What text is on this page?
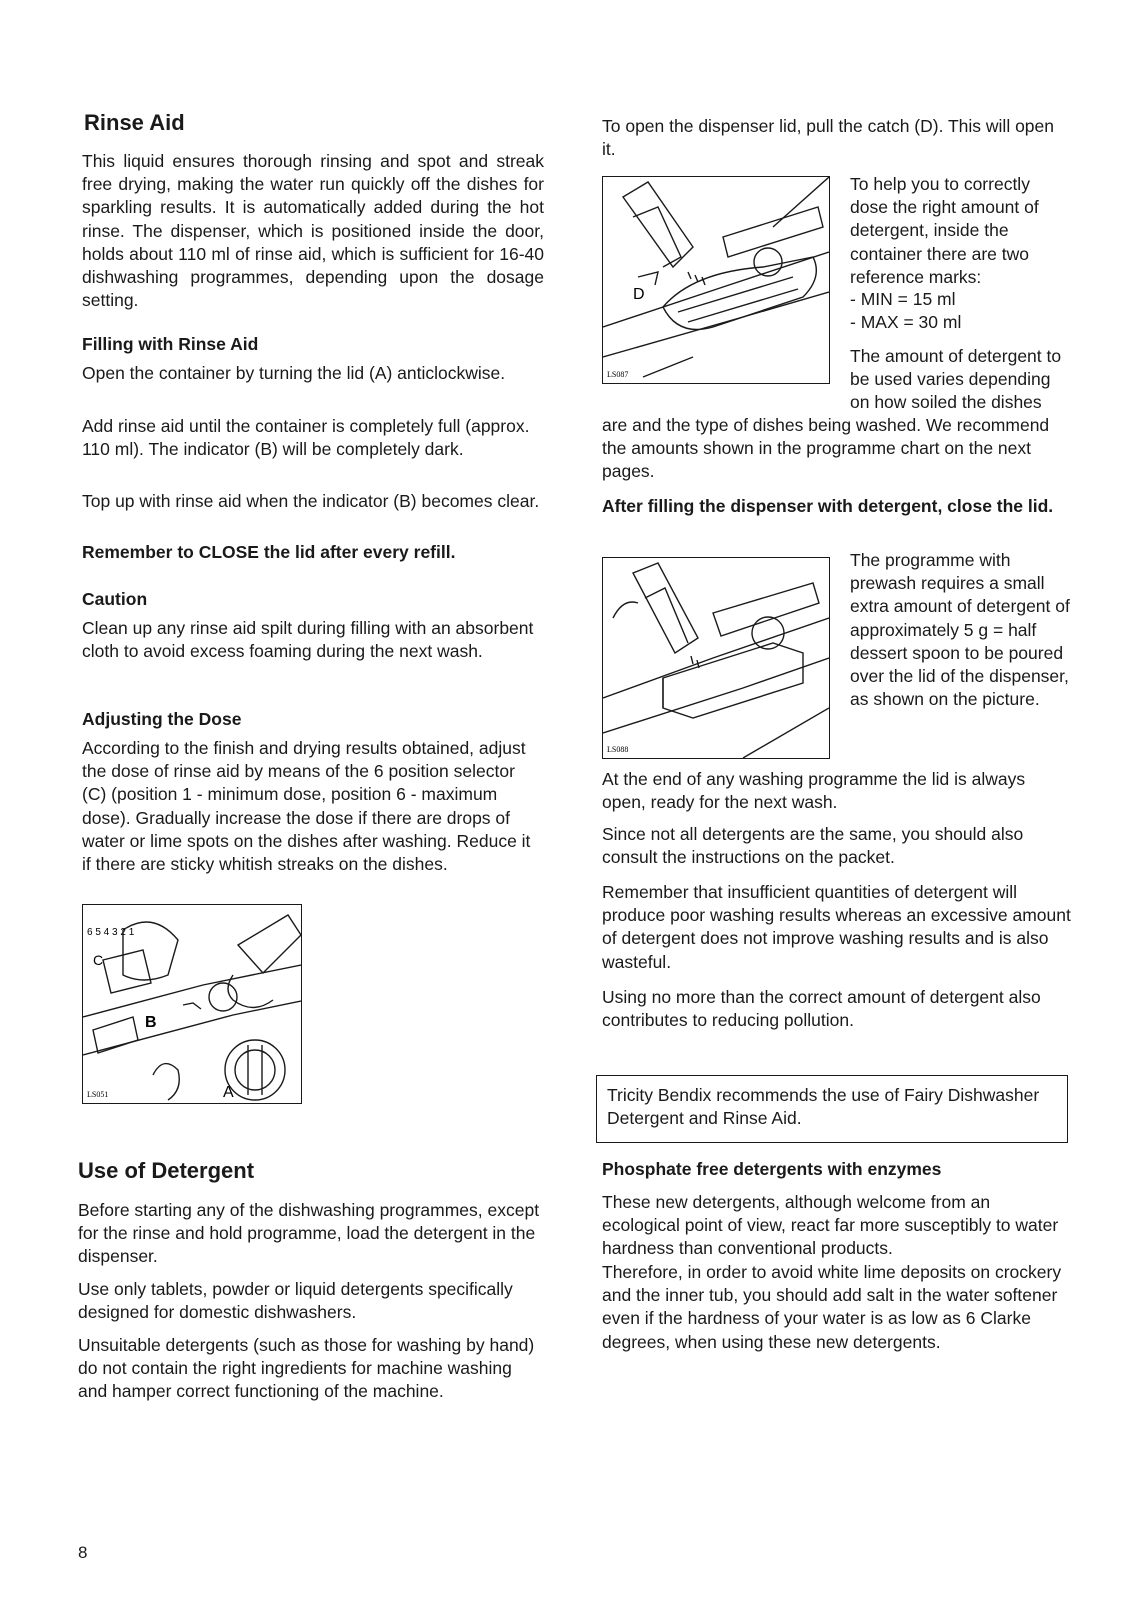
Rinse Aid

This liquid ensures thorough rinsing and spot and streak free drying, making the water run quickly off the dishes for sparkling results. It is automatically added during the hot rinse. The dispenser, which is positioned inside the door, holds about 110 ml of rinse aid, which is sufficient for 16-40 dishwashing programmes, depending upon the dosage setting.

Filling with Rinse Aid

Open the container by turning the lid (A) anticlockwise.

Add rinse aid until the container is completely full (approx. 110 ml). The indicator (B) will be completely dark.

Top up with rinse aid when the indicator (B) becomes clear.

Remember to CLOSE the lid after every refill.

Caution

Clean up any rinse aid spilt during filling with an absorbent cloth to avoid excess foaming during the next wash.

Adjusting the Dose

According to the finish and drying results obtained, adjust the dose of rinse aid by means of the 6 position selector (C) (position 1 - minimum dose, position 6 - maximum dose). Gradually increase the dose if there are drops of water or lime spots on the dishes after washing. Reduce it if there are sticky whitish streaks on the dishes.

B
C
A
6 5 4 3 2 1
LS051
Use of Detergent

Before starting any of the dishwashing programmes, except for the rinse and hold programme, load the detergent in the dispenser.

Use only tablets, powder or liquid detergents specifically designed for domestic dishwashers.

Unsuitable detergents (such as those for washing by hand) do not contain the right ingredients for machine washing and hamper correct functioning of the machine.

To open the dispenser lid, pull the catch (D). This will open it.

D
LS087

To help you to correctly dose the right amount of detergent, inside the container there are two reference marks:

- MIN = 15 ml

- MAX = 30 ml

The amount of detergent to be used varies depending on how soiled the dishes

are and the type of dishes being washed. We recommend the amounts shown in the programme chart on the next pages.

After filling the dispenser with detergent, close the lid.

LS088

The programme with prewash requires a small extra amount of detergent of approximately 5 g = half dessert spoon to be poured over the lid of the dispenser, as shown on the picture.

At the end of any washing programme the lid is always open, ready for the next wash.

Since not all detergents are the same, you should also consult the instructions on the packet.

Remember that insufficient quantities of detergent will produce poor washing results whereas an excessive amount of detergent does not improve washing results and is also wasteful.

Using no more than the correct amount of detergent also contributes to reducing pollution.

Tricity Bendix recommends the use of Fairy Dishwasher Detergent and Rinse Aid.

Phosphate free detergents with enzymes

These new detergents, although welcome from an ecological point of view, react far more susceptibly to water hardness than conventional products.

Therefore, in order to avoid white lime deposits on crockery and the inner tub, you should add salt in the water softener even if the hardness of your water is as low as 6 Clarke degrees, when using these new detergents.

8
